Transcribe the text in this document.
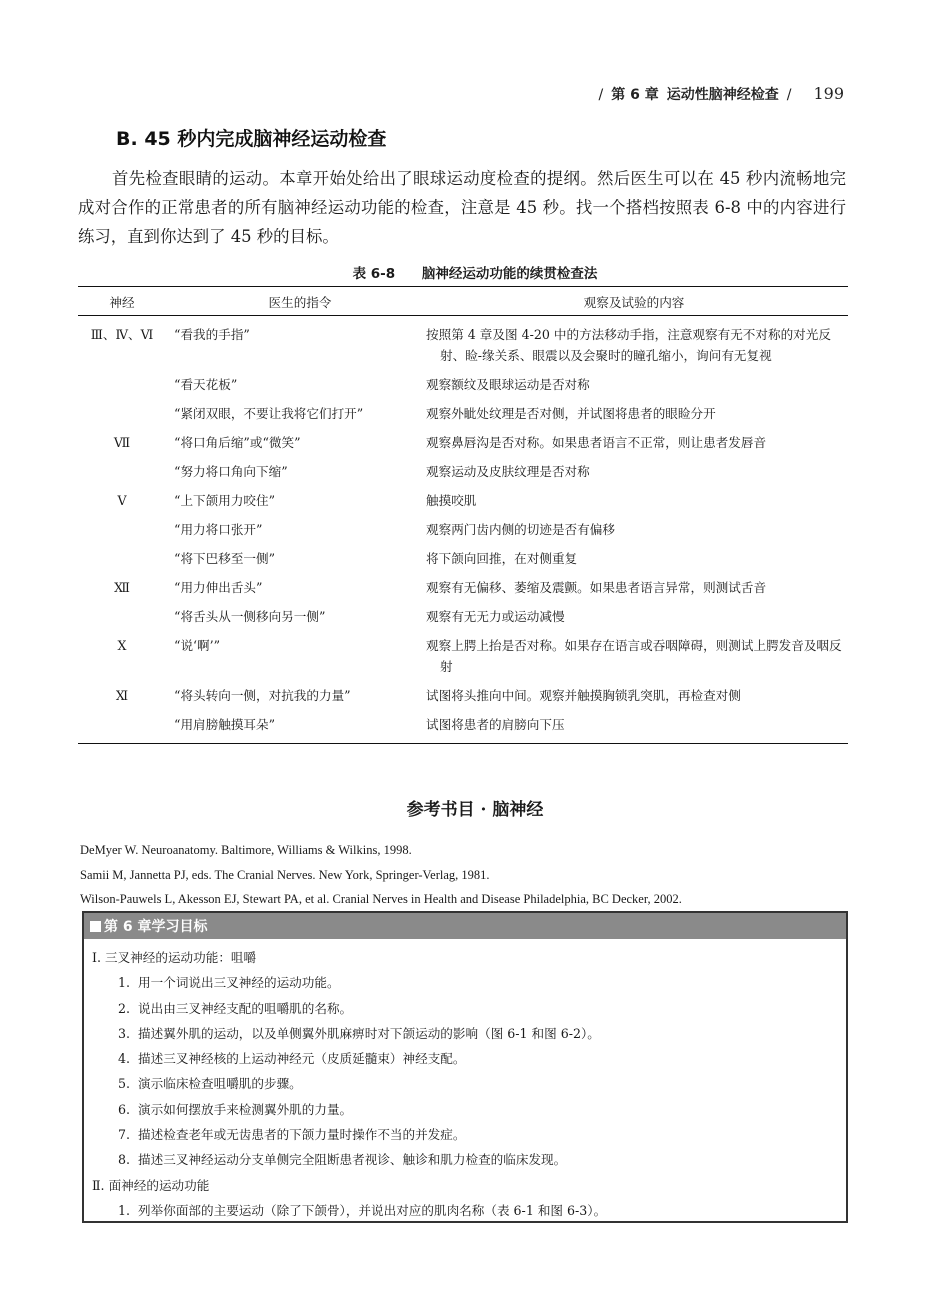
/ 第 6 章 运动性脑神经检查 / 199
B. 45 秒内完成脑神经运动检查

首先检查眼睛的运动。本章开始处给出了眼球运动度检查的提纲。然后医生可以在 45 秒内流畅地完成对合作的正常患者的所有脑神经运动功能的检查，注意是 45 秒。找一个搭档按照表 6-8 中的内容进行练习，直到你达到了 45 秒的目标。

表 6-8 脑神经运动功能的续贯检查法
神经	医生的指令	观察及试验的内容
Ⅲ、Ⅳ、Ⅵ	“看我的手指”	按照第 4 章及图 4-20 中的方法移动手指，注意观察有无不对称的对光反射、睑-缘关系、眼震以及会聚时的瞳孔缩小，询问有无复视

	“看天花板”	观察额纹及眼球运动是否对称

	“紧闭双眼，不要让我将它们打开”	观察外眦处纹理是否对侧，并试图将患者的眼睑分开

Ⅶ	“将口角后缩”或“微笑”	观察鼻唇沟是否对称。如果患者语言不正常，则让患者发唇音

	“努力将口角向下缩”	观察运动及皮肤纹理是否对称

Ⅴ	“上下颌用力咬住”	触摸咬肌

	“用力将口张开”	观察两门齿内侧的切迹是否有偏移

	“将下巴移至一侧”	将下颌向回推，在对侧重复

Ⅻ	“用力伸出舌头”	观察有无偏移、萎缩及震颤。如果患者语言异常，则测试舌音

	“将舌头从一侧移向另一侧”	观察有无无力或运动减慢

Ⅹ	“说‘啊’”	观察上腭上抬是否对称。如果存在语言或吞咽障碍，则测试上腭发音及咽反射

Ⅺ	“将头转向一侧，对抗我的力量”	试图将头推向中间。观察并触摸胸锁乳突肌，再检查对侧

	“用肩膀触摸耳朵”	试图将患者的肩膀向下压
参考书目 · 脑神经
DeMyer W. Neuroanatomy. Baltimore, Williams & Wilkins, 1998.
Samii M, Jannetta PJ, eds. The Cranial Nerves. New York, Springer-Verlag, 1981.
Wilson-Pauwels L, Akesson EJ, Stewart PA, et al. Cranial Nerves in Health and Disease Philadelphia, BC Decker, 2002.
第 6 章学习目标
Ⅰ. 三叉神经的运动功能：咀嚼
1. 用一个词说出三叉神经的运动功能。
2. 说出由三叉神经支配的咀嚼肌的名称。
3. 描述翼外肌的运动，以及单侧翼外肌麻痹时对下颌运动的影响（图 6-1 和图 6-2）。
4. 描述三叉神经核的上运动神经元（皮质延髓束）神经支配。
5. 演示临床检查咀嚼肌的步骤。
6. 演示如何摆放手来检测翼外肌的力量。
7. 描述检查老年或无齿患者的下颌力量时操作不当的并发症。
8. 描述三叉神经运动分支单侧完全阻断患者视诊、触诊和肌力检查的临床发现。
Ⅱ. 面神经的运动功能
1. 列举你面部的主要运动（除了下颌骨），并说出对应的肌肉名称（表 6-1 和图 6-3）。
